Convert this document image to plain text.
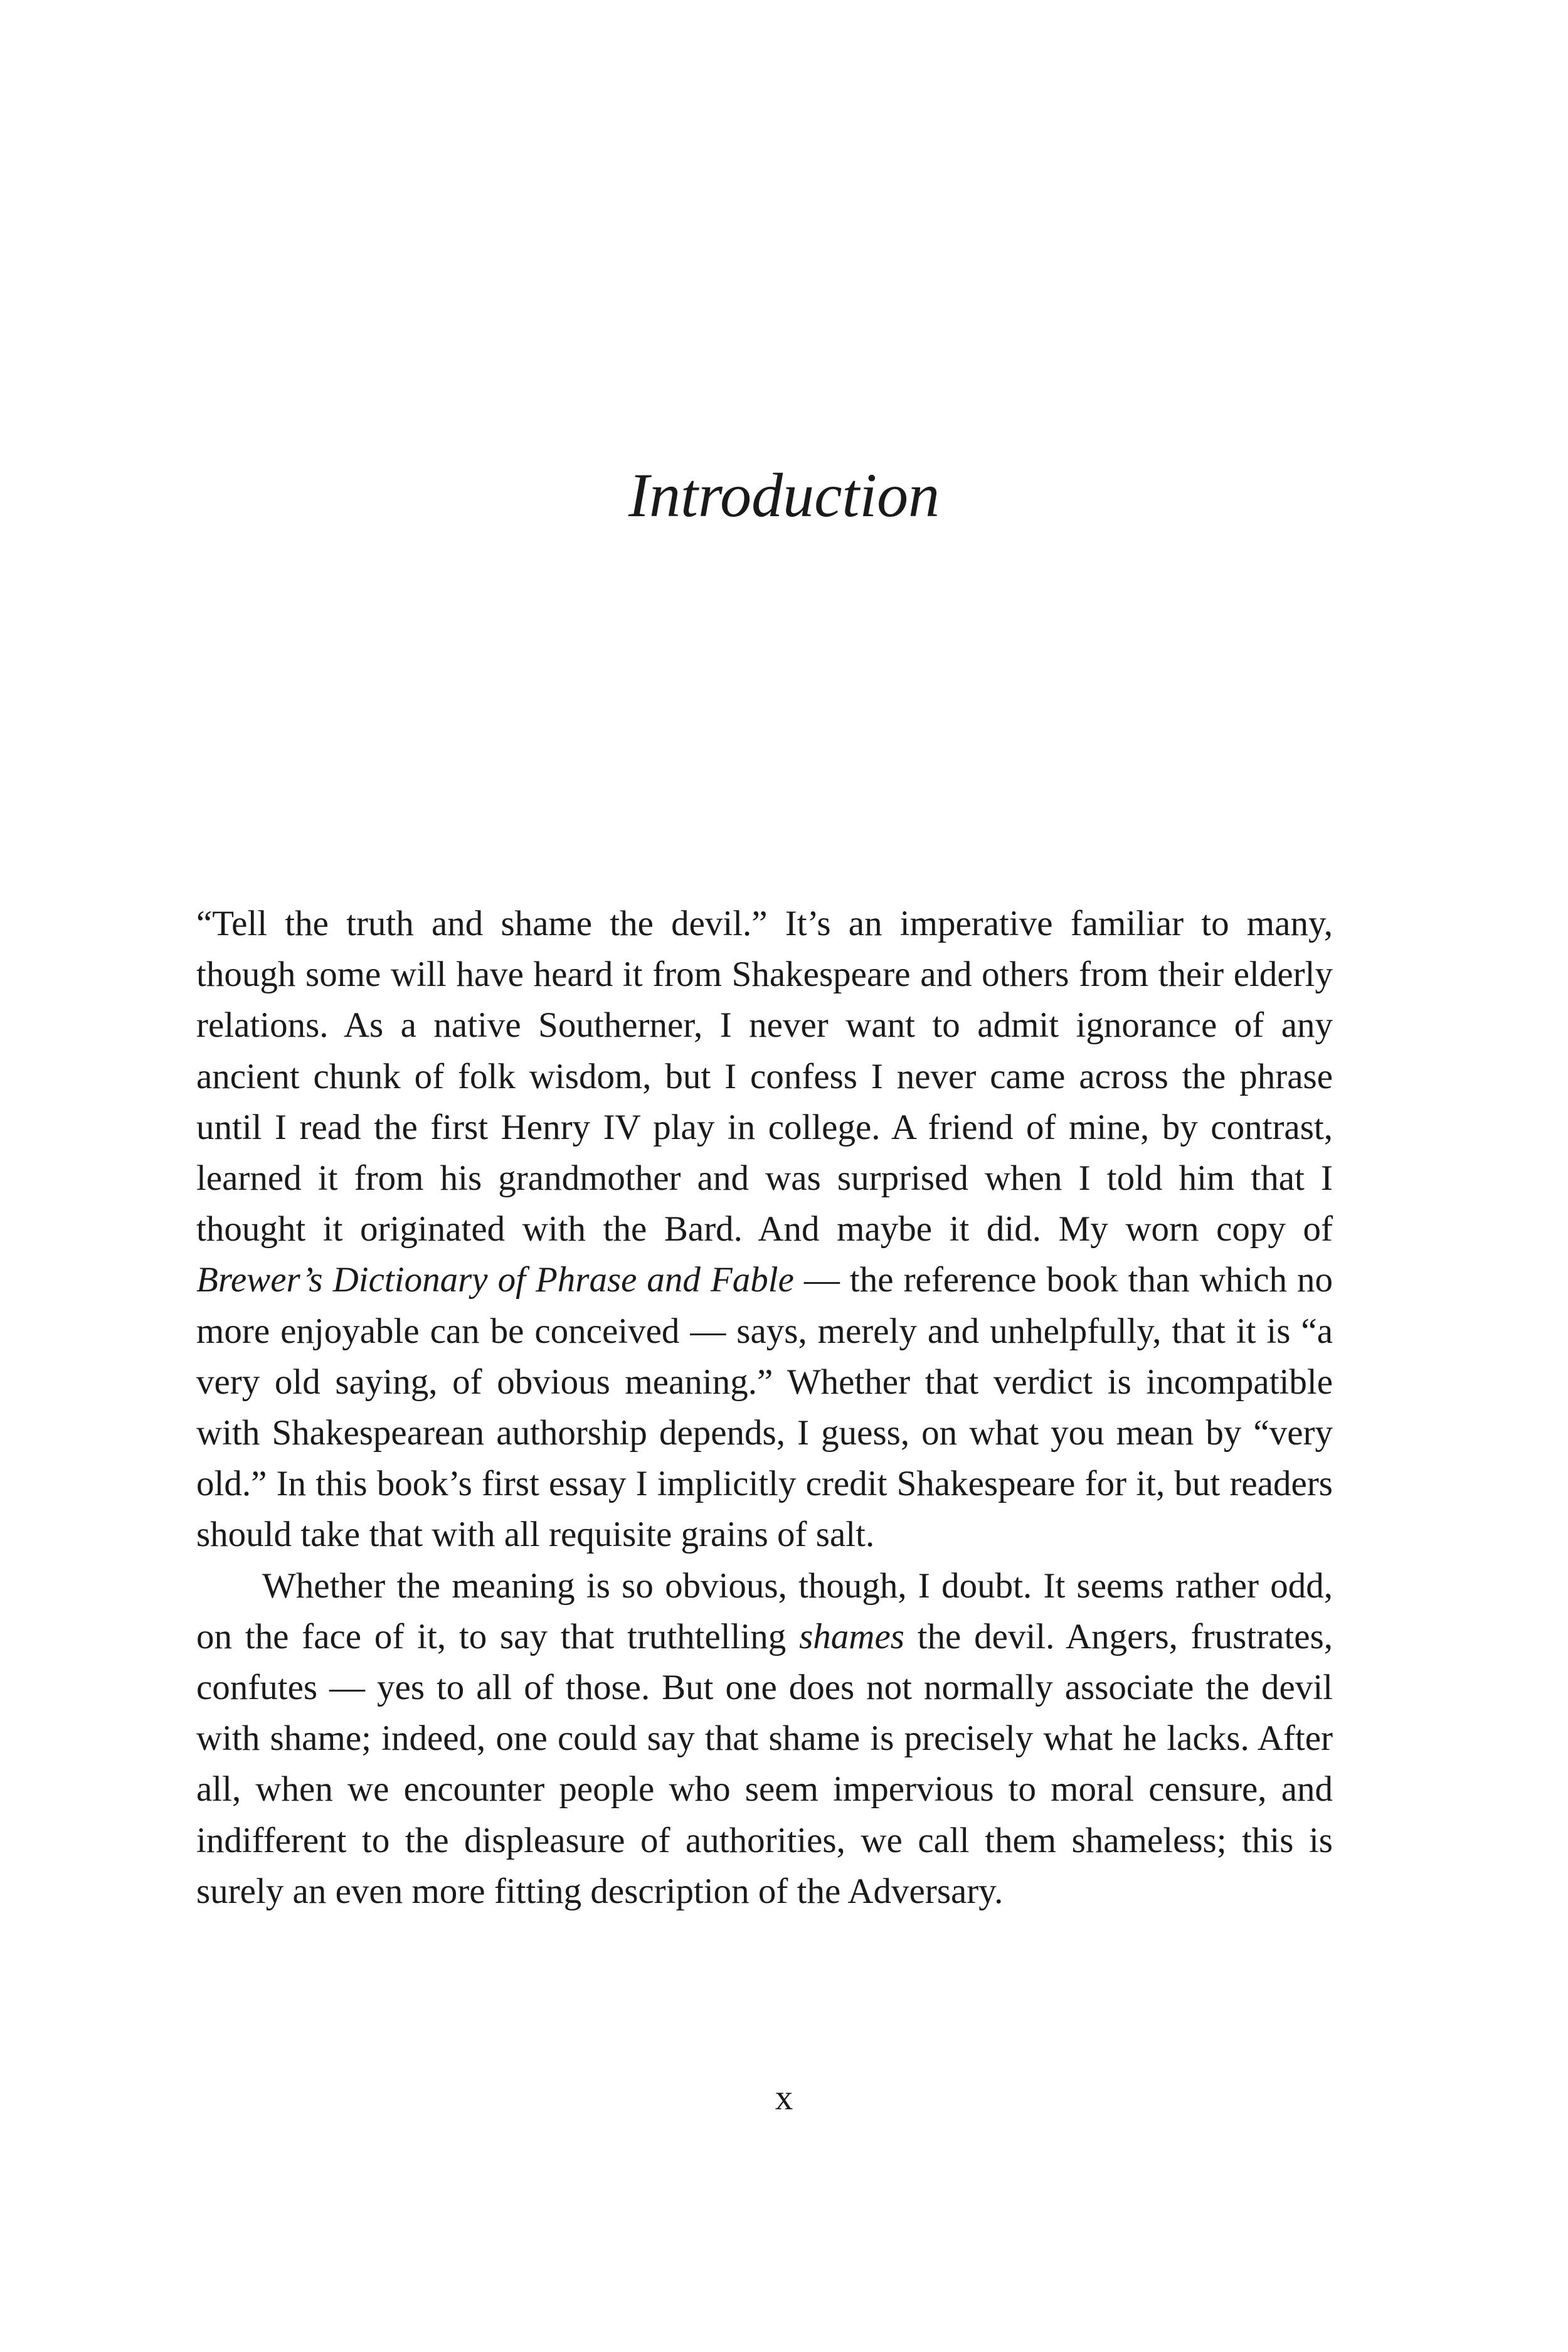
Introduction

“Tell the truth and shame the devil.” It’s an imperative familiar to many, though some will have heard it from Shakespeare and others from their elderly relations. As a native Southerner, I never want to admit ignorance of any ancient chunk of folk wisdom, but I confess I never came across the phrase until I read the first Henry IV play in college. A friend of mine, by contrast, learned it from his grandmother and was surprised when I told him that I thought it originated with the Bard. And maybe it did. My worn copy of Brewer’s Dictionary of Phrase and Fable — the reference book than which no more enjoyable can be conceived — says, merely and unhelpfully, that it is “a very old saying, of obvious meaning.” Whether that verdict is incompatible with Shakespearean authorship depends, I guess, on what you mean by “very old.” In this book’s first essay I implicitly credit Shakespeare for it, but readers should take that with all requisite grains of salt.

Whether the meaning is so obvious, though, I doubt. It seems rather odd, on the face of it, to say that truthtelling shames the devil. Angers, frustrates, confutes — yes to all of those. But one does not normally associate the devil with shame; indeed, one could say that shame is precisely what he lacks. After all, when we encounter people who seem impervious to moral censure, and indifferent to the displeasure of authorities, we call them shameless; this is surely an even more fitting description of the Adversary.

x
